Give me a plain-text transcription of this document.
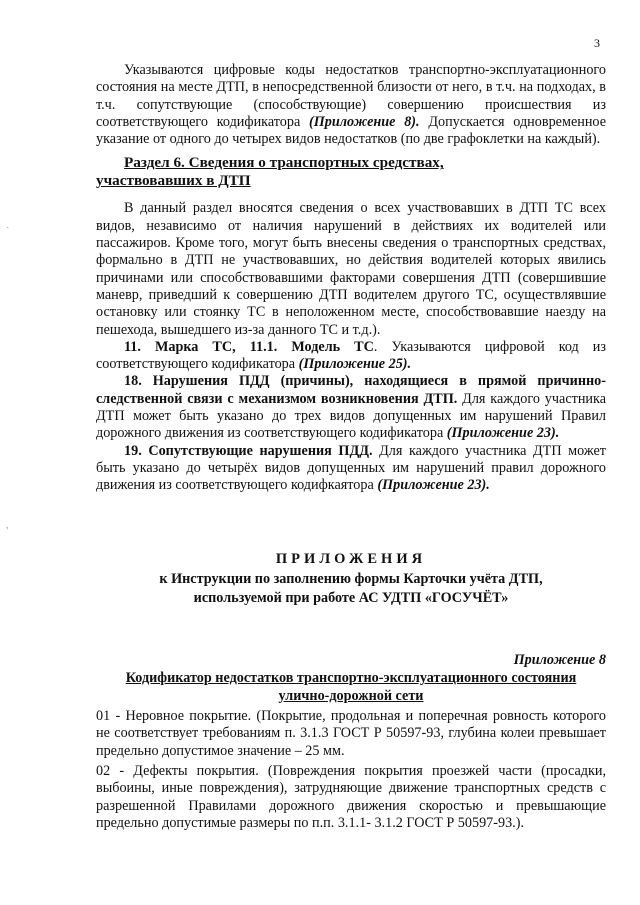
3
ˏ
,

Указываются цифровые коды недостатков транспортно-эксплуатационного состояния на месте ДТП, в непосредственной близости от него, в т.ч. на подходах, в т.ч. сопутствующие (способствующие) совершению происшествия из соответствующего кодификатора (Приложение 8). Допускается одновременное указание от одного до четырех видов недостатков (по две графоклетки на каждый).

Раздел 6. Сведения о транспортных средствах,
участвовавших в ДТП

В данный раздел вносятся сведения о всех участвовавших в ДТП ТС всех видов, независимо от наличия нарушений в действиях их водителей или пассажиров. Кроме того, могут быть внесены сведения о транспортных средствах, формально в ДТП не участвовавших, но действия водителей которых явились причинами или способствовавшими факторами совершения ДТП (совершившие маневр, приведший к совершению ДТП водителем другого ТС, осуществлявшие остановку или стоянку ТС в неположенном месте, способствовавшие наезду на пешехода, вышедшего из-за данного ТС и т.д.).

11. Марка ТС, 11.1. Модель ТС. Указываются цифровой код из соответствующего кодификатора (Приложение 25).

18. Нарушения ПДД (причины), находящиеся в прямой причинно-следственной связи с механизмом возникновения ДТП. Для каждого участника ДТП может быть указано до трех видов допущенных им нарушений Правил дорожного движения из соответствующего кодификатора (Приложение 23).

19. Сопутствующие нарушения ПДД. Для каждого участника ДТП может быть указано до четырёх видов допущенных им нарушений правил дорожного движения из соответствующего кодифкаятора (Приложение 23).

ПРИЛОЖЕНИЯ
к Инструкции по заполнению формы Карточки учёта ДТП,
используемой при работе АС УДТП «ГОСУЧЁТ»
Приложение 8
Кодификатор недостатков транспортно-эксплуатационного состояния
улично-дорожной сети

01 - Неровное покрытие. (Покрытие, продольная и поперечная ровность которого не соответствует требованиям п. 3.1.3 ГОСТ Р 50597-93, глубина колеи превышает предельно допустимое значение – 25 мм.

02 - Дефекты покрытия. (Повреждения покрытия проезжей части (просадки, выбоины, иные повреждения), затрудняющие движение транспортных средств с разрешенной Правилами дорожного движения скоростью и превышающие предельно допустимые размеры по п.п. 3.1.1- 3.1.2 ГОСТ Р 50597-93.).
